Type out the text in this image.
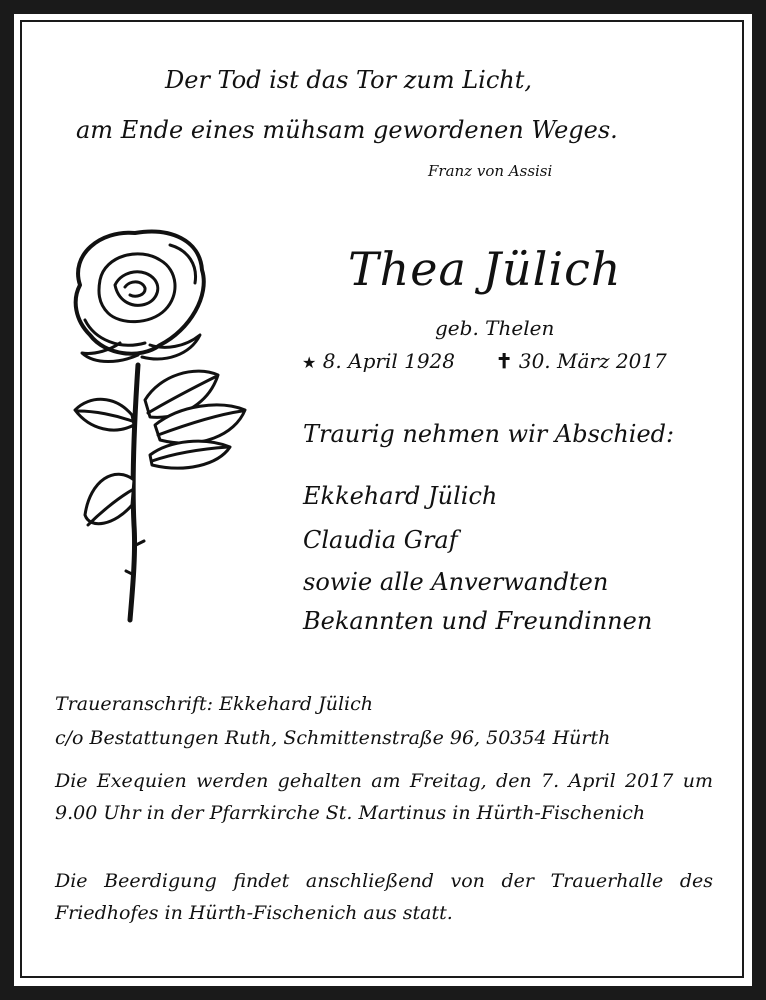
Der Tod ist das Tor zum Licht,
am Ende eines mühsam gewordenen Weges.
Franz von Assisi
Thea Jülich
geb. Thelen
★ 8. April 1928 ✝ 30. März 2017
Traurig nehmen wir Abschied:
Ekkehard Jülich
Claudia Graf
sowie alle Anverwandten
Bekannten und Freundinnen
Traueranschrift: Ekkehard Jülich
c/o Bestattungen Ruth, Schmittenstraße 96, 50354 Hürth
Die Exequien werden gehalten am Freitag, den 7. April 2017 um 9.00 Uhr in der Pfarrkirche St. Martinus in Hürth-Fischenich
Die Beerdigung findet anschließend von der Trauerhalle des Friedhofes in Hürth-Fischenich aus statt.
